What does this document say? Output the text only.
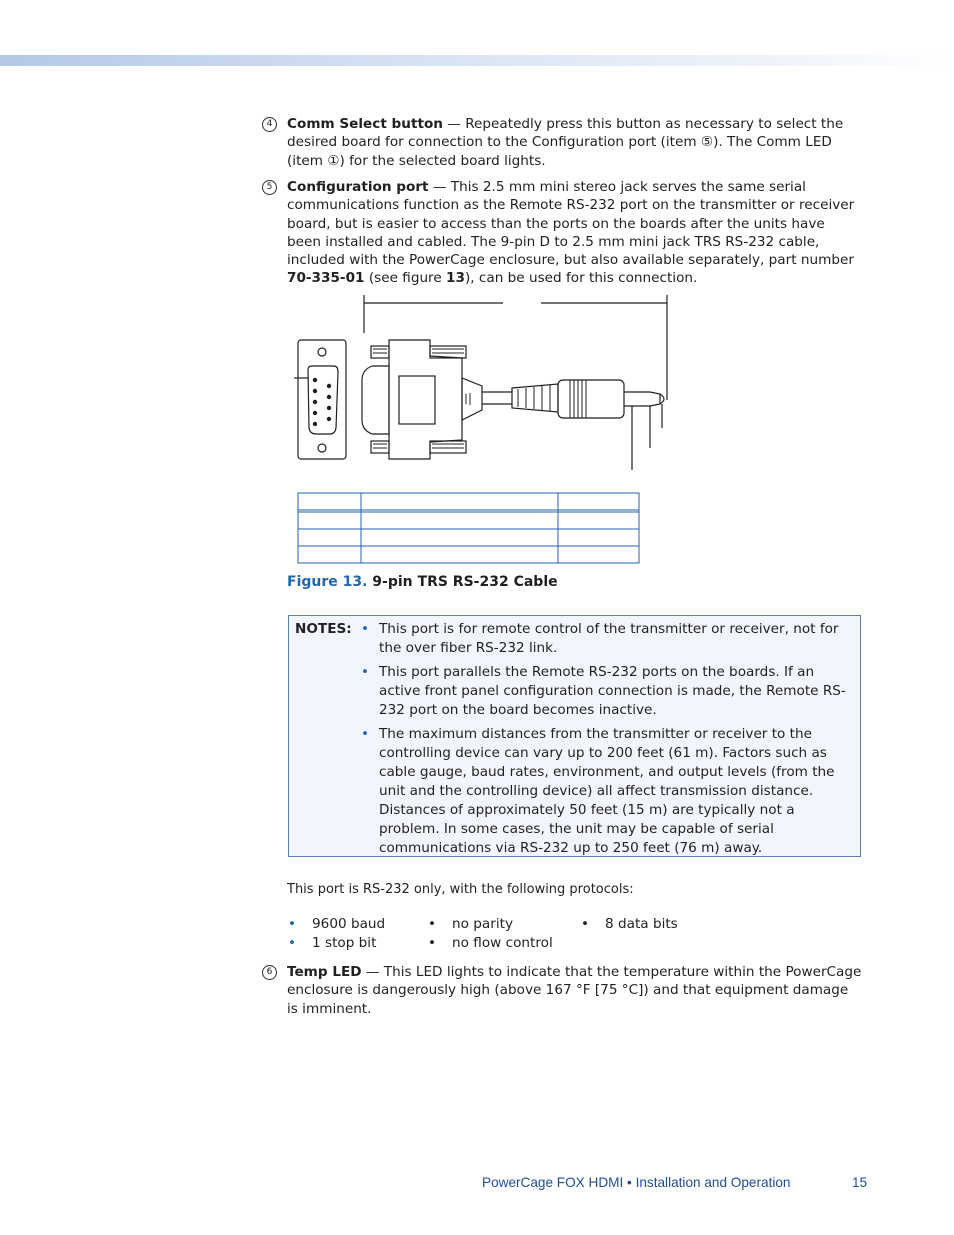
4	Comm Select button — Repeatedly press this button as necessary to select the desired board for connection to the Configuration port (item ⑤). The Comm LED (item ①) for the selected board lights.
5	Configuration port — This 2.5 mm mini stereo jack serves the same serial communications function as the Remote RS-232 port on the transmitter or receiver board, but is easier to access than the ports on the boards after the units have been installed and cabled. The 9-pin D to 2.5 mm mini jack TRS RS-232 cable, included with the PowerCage enclosure, but also available separately, part number 70-335-01 (see figure 13), can be used for this connection.
Figure 13. 9-pin TRS RS-232 Cable
NOTES: • This port is for remote control of the transmitter or receiver, not for the over fiber RS-232 link.
• This port parallels the Remote RS-232 ports on the boards. If an active front panel configuration connection is made, the Remote RS-232 port on the board becomes inactive.
• The maximum distances from the transmitter or receiver to the controlling device can vary up to 200 feet (61 m). Factors such as cable gauge, baud rates, environment, and output levels (from the unit and the controlling device) all affect transmission distance. Distances of approximately 50 feet (15 m) are typically not a problem. In some cases, the unit may be capable of serial communications via RS-232 up to 250 feet (76 m) away.
This port is RS-232 only, with the following protocols:
• 9600 baud
• 1 stop bit
• no parity
• no flow control
• 8 data bits
6	Temp LED — This LED lights to indicate that the temperature within the PowerCage enclosure is dangerously high (above 167 °F [75 °C]) and that equipment damage is imminent.
PowerCage FOX HDMI • Installation and Operation	15
